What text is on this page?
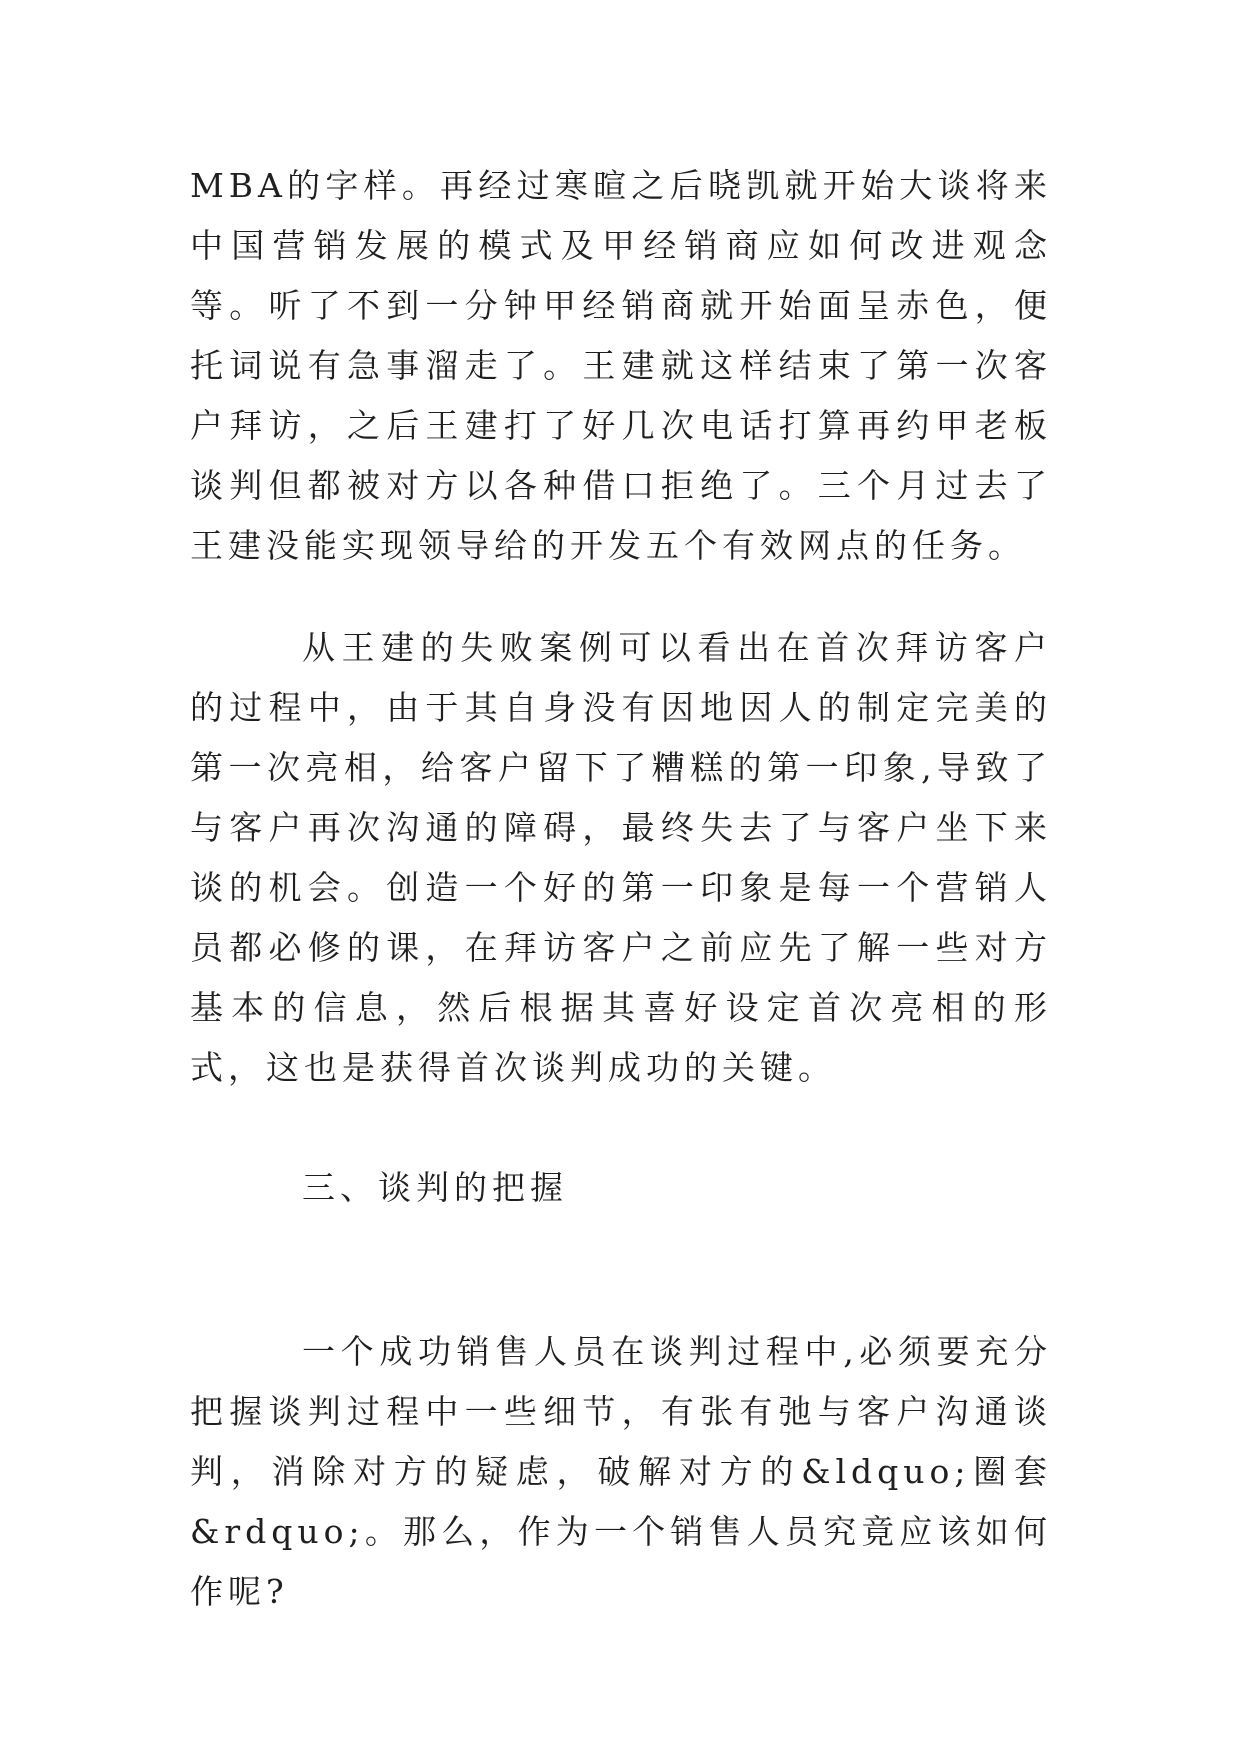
MBA的字样。再经过寒暄之后晓凯就开始大谈将来中国营销发展的模式及甲经销商应如何改进观念等。听了不到一分钟甲经销商就开始面呈赤色，便托词说有急事溜走了。王建就这样结束了第一次客户拜访，之后王建打了好几次电话打算再约甲老板谈判但都被对方以各种借口拒绝了。三个月过去了王建没能实现领导给的开发五个有效网点的任务。

从王建的失败案例可以看出在首次拜访客户的过程中，由于其自身没有因地因人的制定完美的第一次亮相，给客户留下了糟糕的第一印象,导致了与客户再次沟通的障碍，最终失去了与客户坐下来谈的机会。创造一个好的第一印象是每一个营销人员都必修的课，在拜访客户之前应先了解一些对方基本的信息，然后根据其喜好设定首次亮相的形式，这也是获得首次谈判成功的关键。

三、谈判的把握

一个成功销售人员在谈判过程中,必须要充分把握谈判过程中一些细节，有张有弛与客户沟通谈判，消除对方的疑虑，破解对方的&ldquo;圈套&rdquo;。那么，作为一个销售人员究竟应该如何作呢?
